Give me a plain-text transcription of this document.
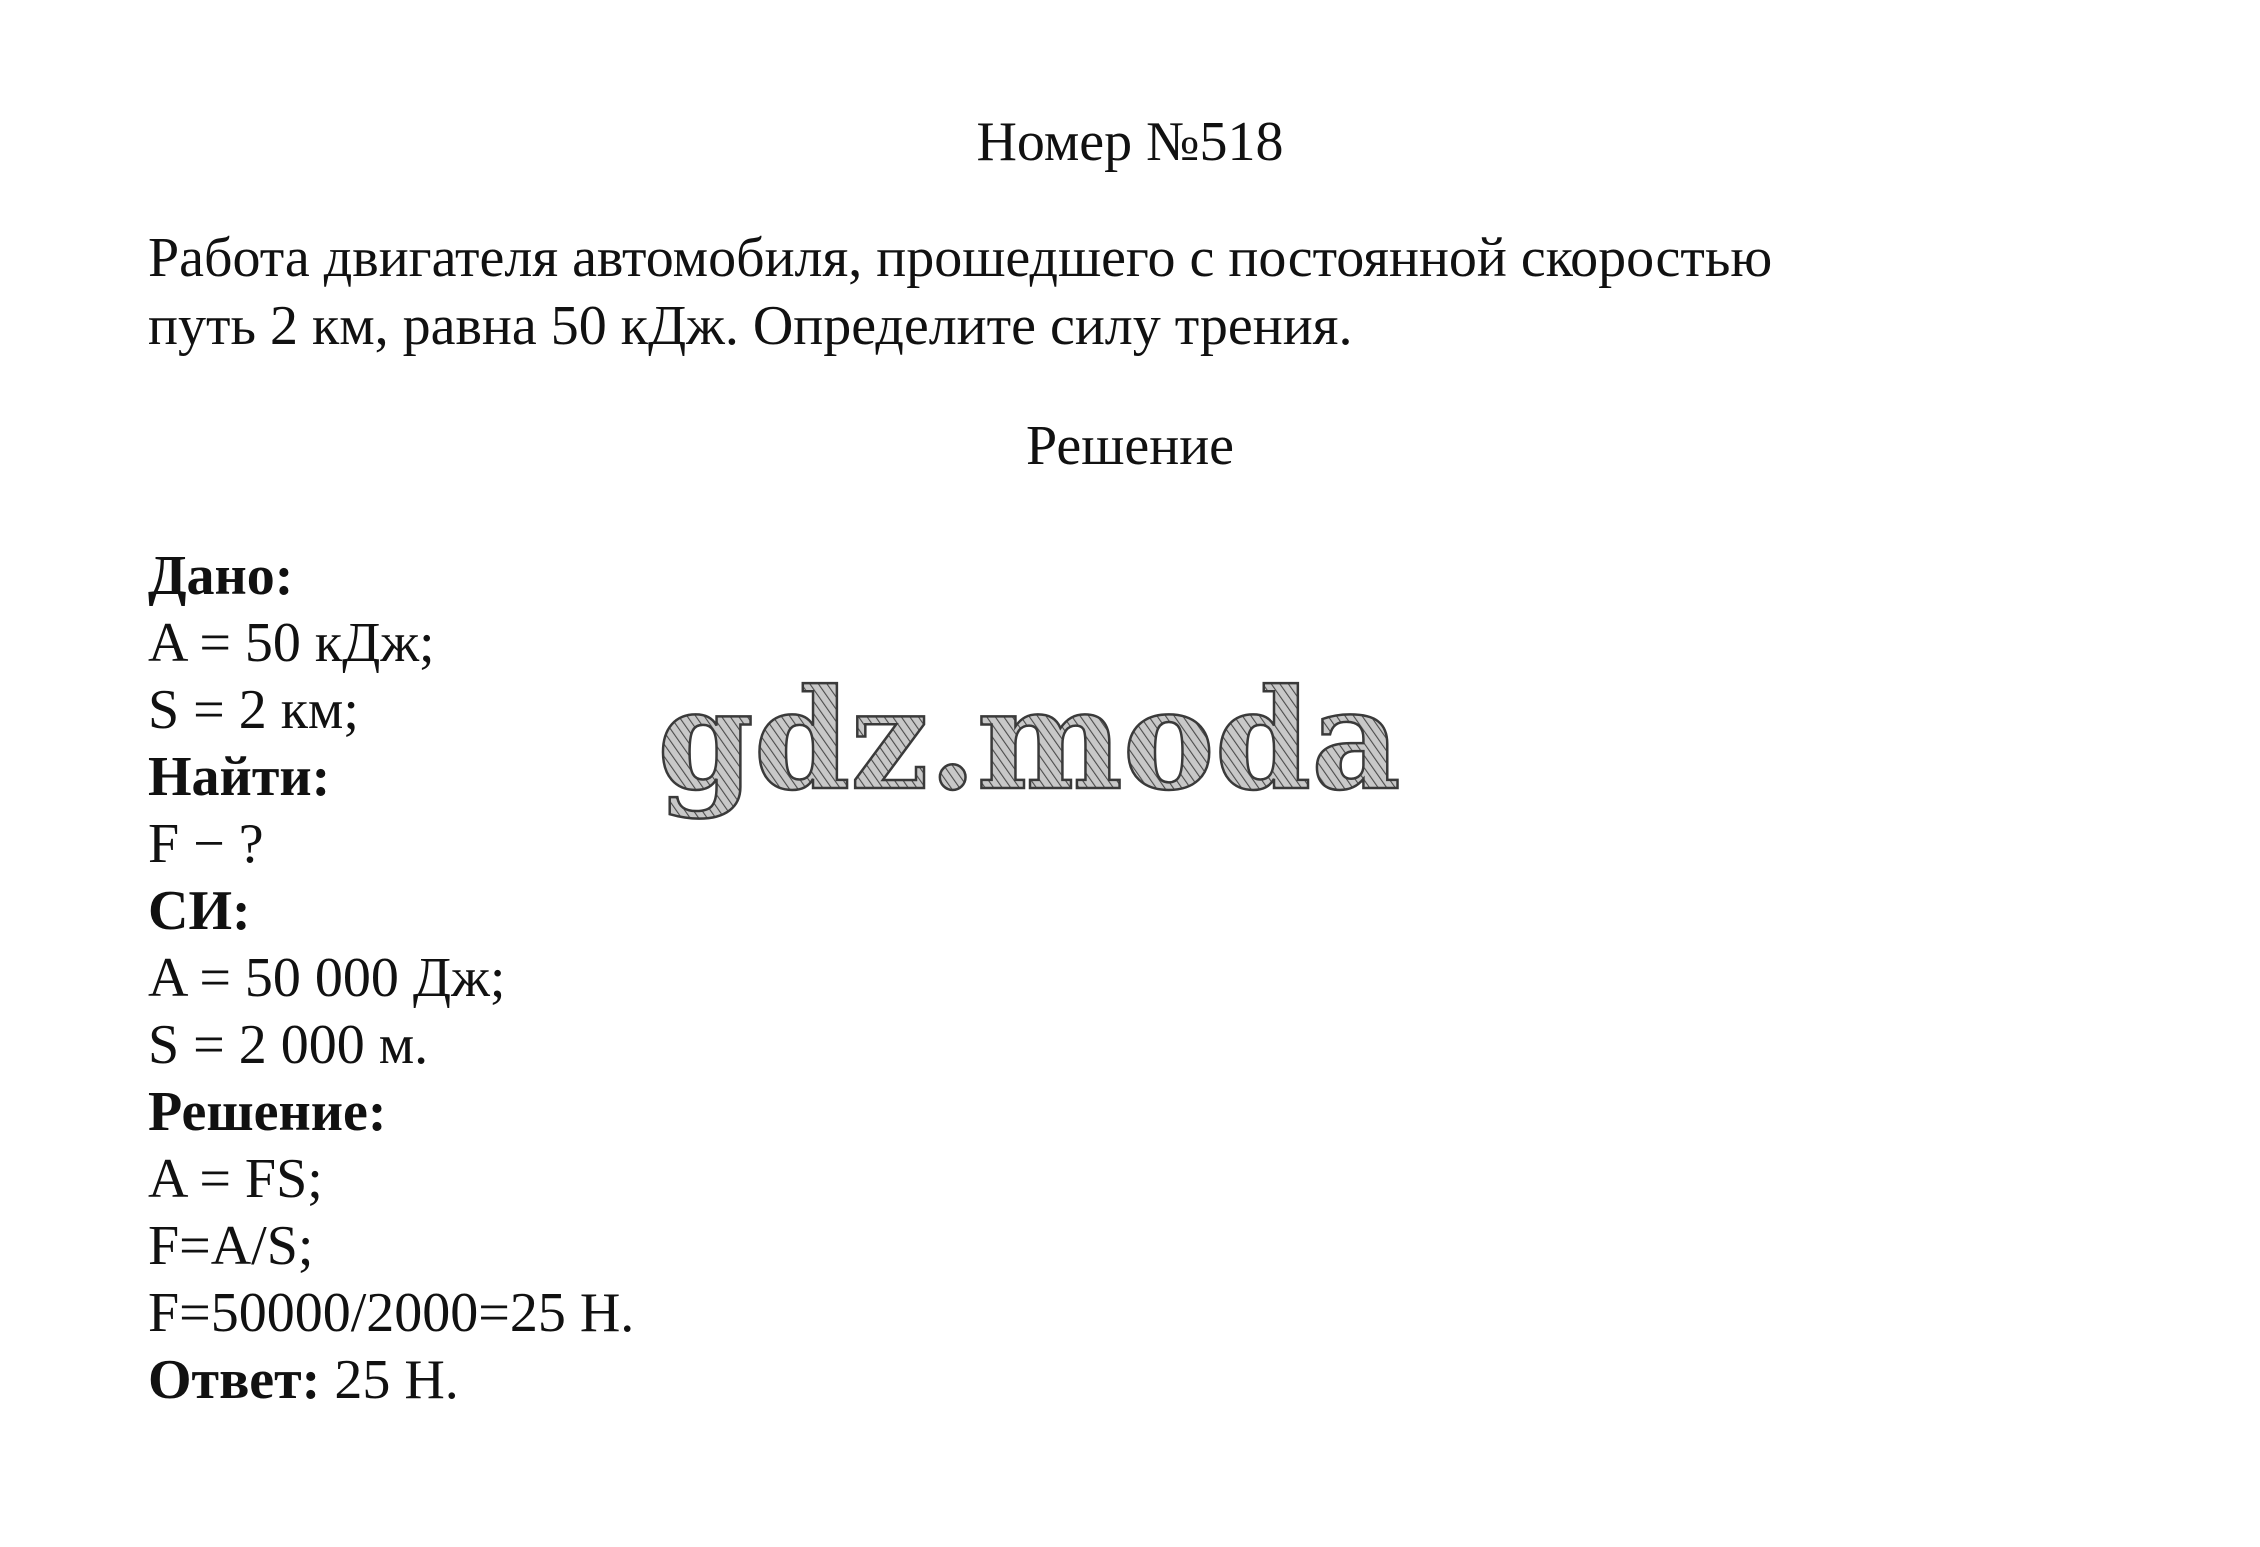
Номер №518

Работа двигателя автомобиля, прошедшего с постоянной скоростью

путь 2 км, равна 50 кДж. Определите силу трения.

Решение
Дано:
A = 50 кДж;
S = 2 км;
Найти:
F − ?
СИ:
A = 50 000 Дж;
S = 2 000 м.
Решение:
A = FS;
F=A/S;
F=50000/2000=25 Н.
Ответ: 25 Н.
gdz.moda
